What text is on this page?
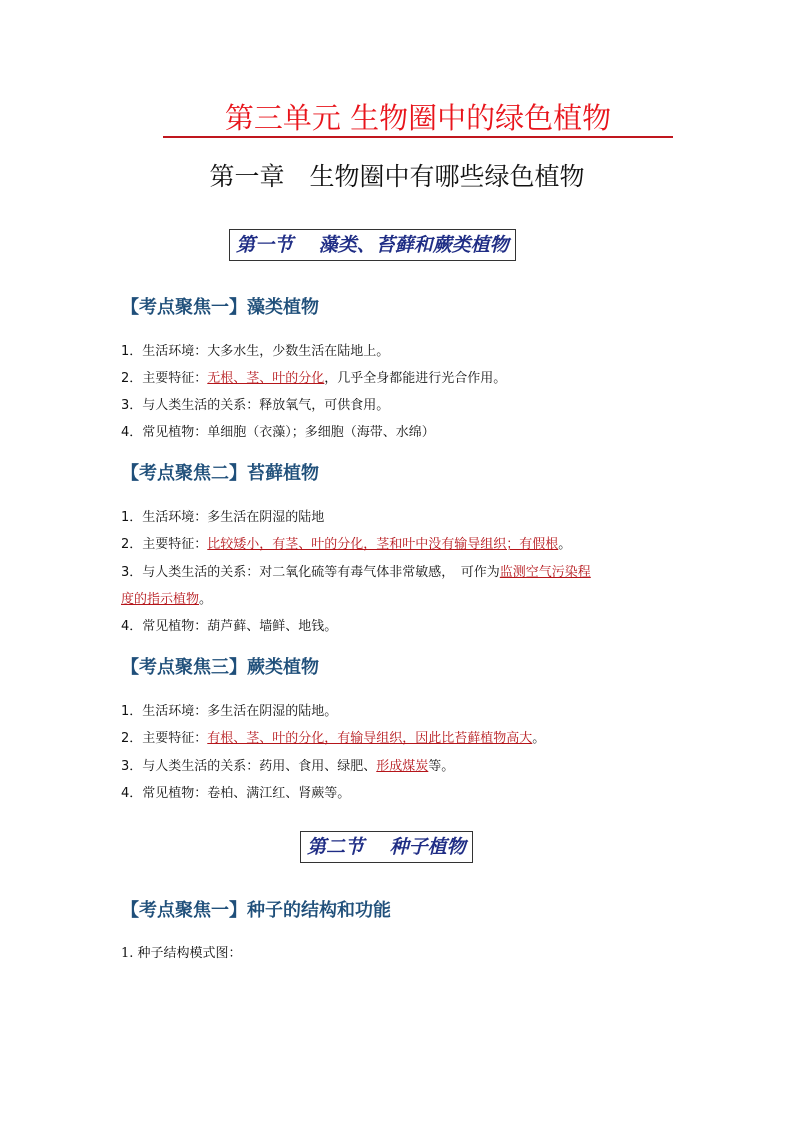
第三单元 生物圈中的绿色植物
第一章　生物圈中有哪些绿色植物
第一节　 藻类、苔藓和蕨类植物
【考点聚焦一】藻类植物
1．生活环境：大多水生，少数生活在陆地上。
2．主要特征：无根、茎、叶的分化，几乎全身都能进行光合作用。
3．与人类生活的关系：释放氧气，可供食用。
4．常见植物：单细胞（衣藻）；多细胞（海带、水绵）
【考点聚焦二】苔藓植物
1．生活环境：多生活在阴湿的陆地
2．主要特征：比较矮小，有茎、叶的分化，茎和叶中没有输导组织；有假根。
3．与人类生活的关系：对二氧化硫等有毒气体非常敏感，　可作为监测空气污染程
度的指示植物。
4．常见植物：葫芦藓、墙鲜、地钱。
【考点聚焦三】蕨类植物
1．生活环境：多生活在阴湿的陆地。
2．主要特征：有根、茎、叶的分化，有输导组织，因此比苔藓植物高大。
3．与人类生活的关系：药用、食用、绿肥、形成煤炭等。
4．常见植物：卷柏、满江红、肾蕨等。
第二节　 种子植物
【考点聚焦一】种子的结构和功能
1. 种子结构模式图：
